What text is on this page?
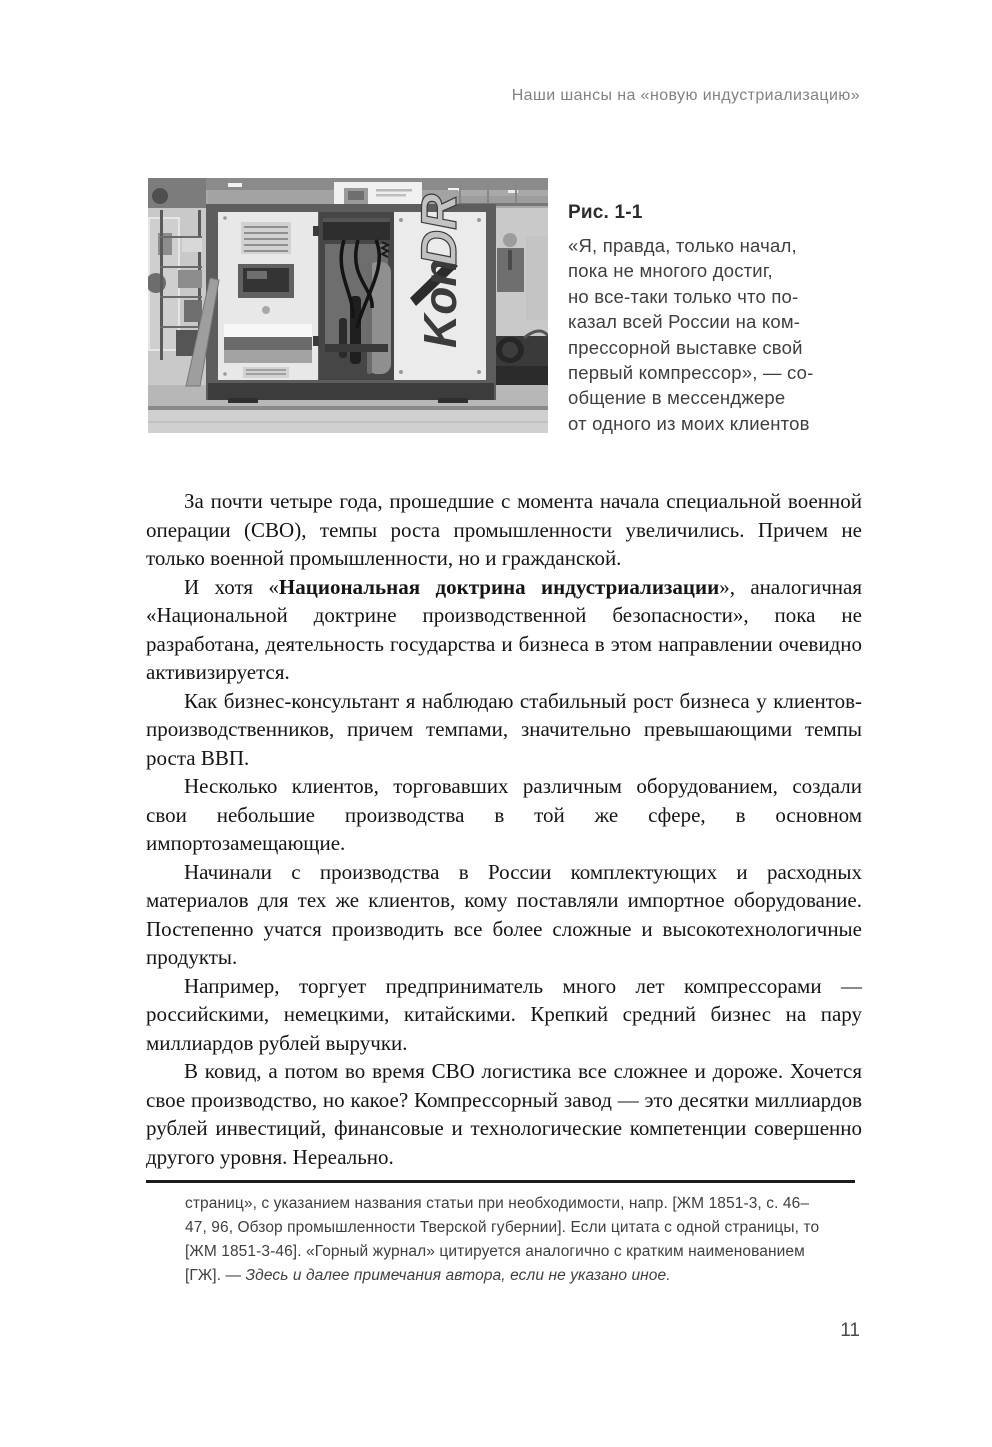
Наши шансы на «новую индустриализацию»
Kon
DR	Рис. 1-1
«Я, правда, только начал,
пока не многого достиг,
но все-таки только что по-
казал всей России на ком-
прессорной выставке свой
первый компрессор», — со-
общение в мессенджере
от одного из моих клиентов

За почти четыре года, прошедшие с момента начала специальной военной операции (СВО), темпы роста промышленности увеличились. Причем не только военной промышленности, но и гражданской.

И хотя «Национальная доктрина индустриализации», аналогичная «Национальной доктрине производственной безопасности», пока не разработана, деятельность государства и бизнеса в этом направлении очевидно активизируется.

Как бизнес-консультант я наблюдаю стабильный рост бизнеса у клиентов-производственников, причем темпами, значительно превышающими темпы роста ВВП.

Несколько клиентов, торговавших различным оборудованием, создали свои небольшие производства в той же сфере, в основном импортозамещающие.

Начинали с производства в России комплектующих и расходных материалов для тех же клиентов, кому поставляли импортное оборудование. Постепенно учатся производить все более сложные и высокотехнологичные продукты.

Например, торгует предприниматель много лет компрессорами — российскими, немецкими, китайскими. Крепкий средний бизнес на пару миллиардов рублей выручки.

В ковид, а потом во время СВО логистика все сложнее и дороже. Хочется свое производство, но какое? Компрессорный завод — это десятки миллиардов рублей инвестиций, финансовые и технологические компетенции совершенно другого уровня. Нереально.

страниц», с указанием названия статьи при необходимости, напр. [ЖМ 1851-3, с. 46–47, 96, Обзор промышленности Тверской губернии]. Если цитата с одной страницы, то [ЖМ 1851-3-46]. «Горный журнал» цитируется аналогично с кратким наименованием [ГЖ]. — Здесь и далее примечания автора, если не указано иное.
11
